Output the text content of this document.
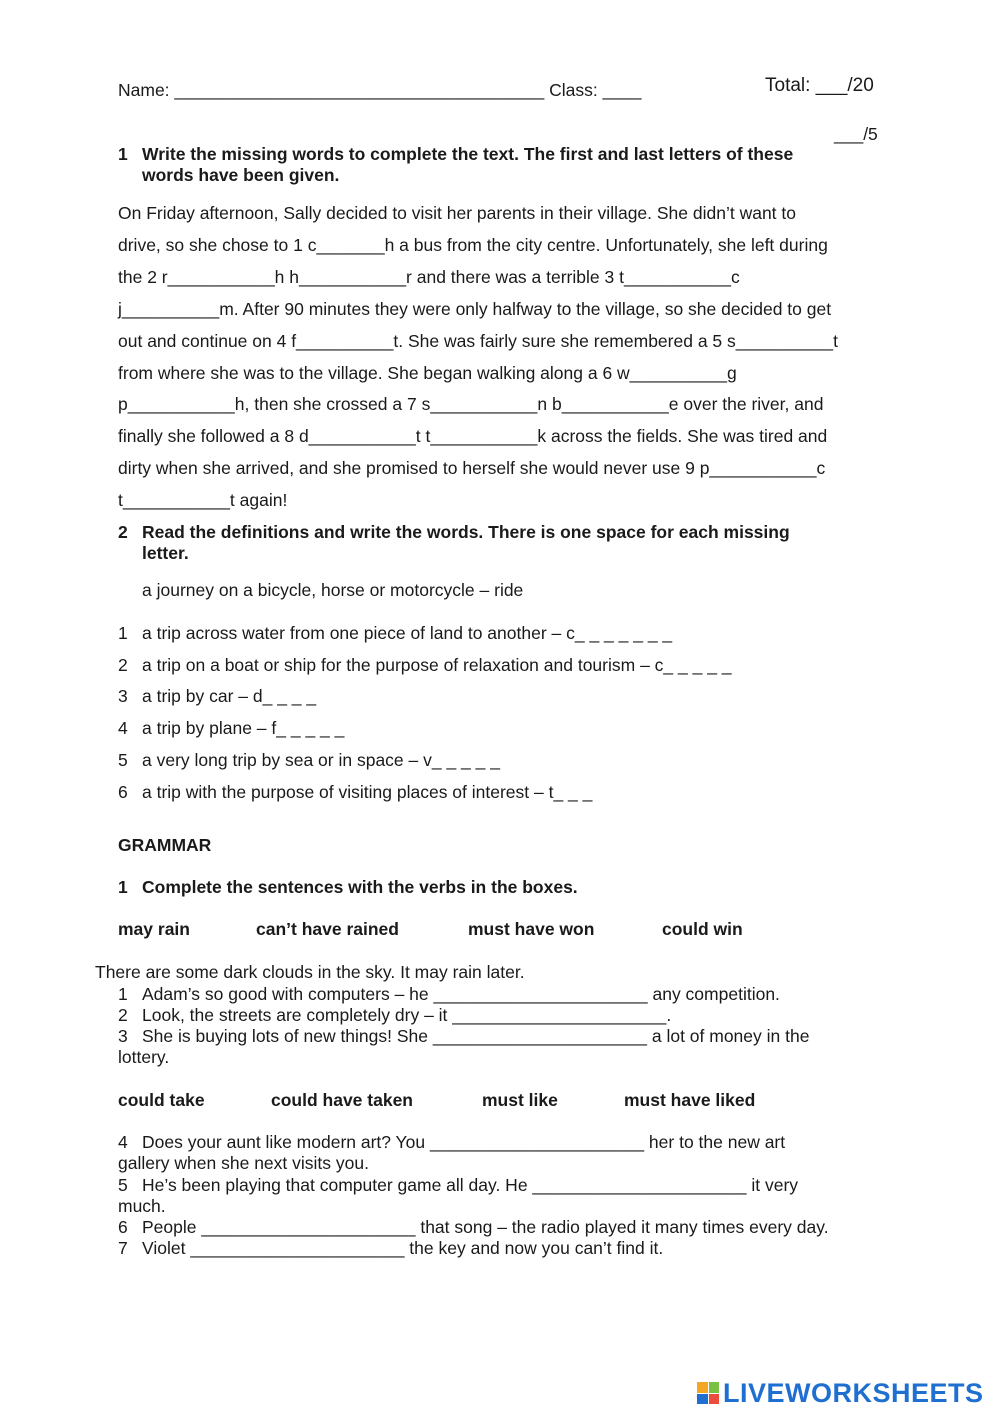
Name: ______________________________________ Class: ____	Total: ___/20
___/5
1 Write the missing words to complete the text. The first and last letters of these
words have been given.
On Friday afternoon, Sally decided to visit her parents in their village. She didn’t want to
drive, so she chose to 1 c_______h a bus from the city centre. Unfortunately, she left during
the 2 r___________h h___________r and there was a terrible 3 t___________c
j__________m. After 90 minutes they were only halfway to the village, so she decided to get
out and continue on 4 f__________t. She was fairly sure she remembered a 5 s__________t
from where she was to the village. She began walking along a 6 w__________g
p___________h, then she crossed a 7 s___________n b___________e over the river, and
finally she followed a 8 d___________t t___________k across the fields. She was tired and
dirty when she arrived, and she promised to herself she would never use 9 p___________c
t___________t again!
2 Read the definitions and write the words. There is one space for each missing
letter.
a journey on a bicycle, horse or motorcycle – ride
1 a trip across water from one piece of land to another – c_ _ _ _ _ _ _
2 a trip on a boat or ship for the purpose of relaxation and tourism – c_ _ _ _ _
3 a trip by car – d_ _ _ _
4 a trip by plane – f_ _ _ _ _
5 a very long trip by sea or in space – v_ _ _ _ _
6 a trip with the purpose of visiting places of interest – t_ _ _
GRAMMAR
1 Complete the sentences with the verbs in the boxes.
may rain	can’t have rained	must have won	could win
There are some dark clouds in the sky. It may rain later.
1 Adam’s so good with computers – he ______________________ any competition.
2 Look, the streets are completely dry – it ______________________.
3 She is buying lots of new things! She ______________________ a lot of money in the
lottery.
could take	could have taken	must like	must have liked
4 Does your aunt like modern art? You ______________________ her to the new art
gallery when she next visits you.
5 He’s been playing that computer game all day. He ______________________ it very
much.
6 People ______________________ that song – the radio played it many times every day.
7 Violet ______________________ the key and now you can’t find it.
LIVEWORKSHEETS
